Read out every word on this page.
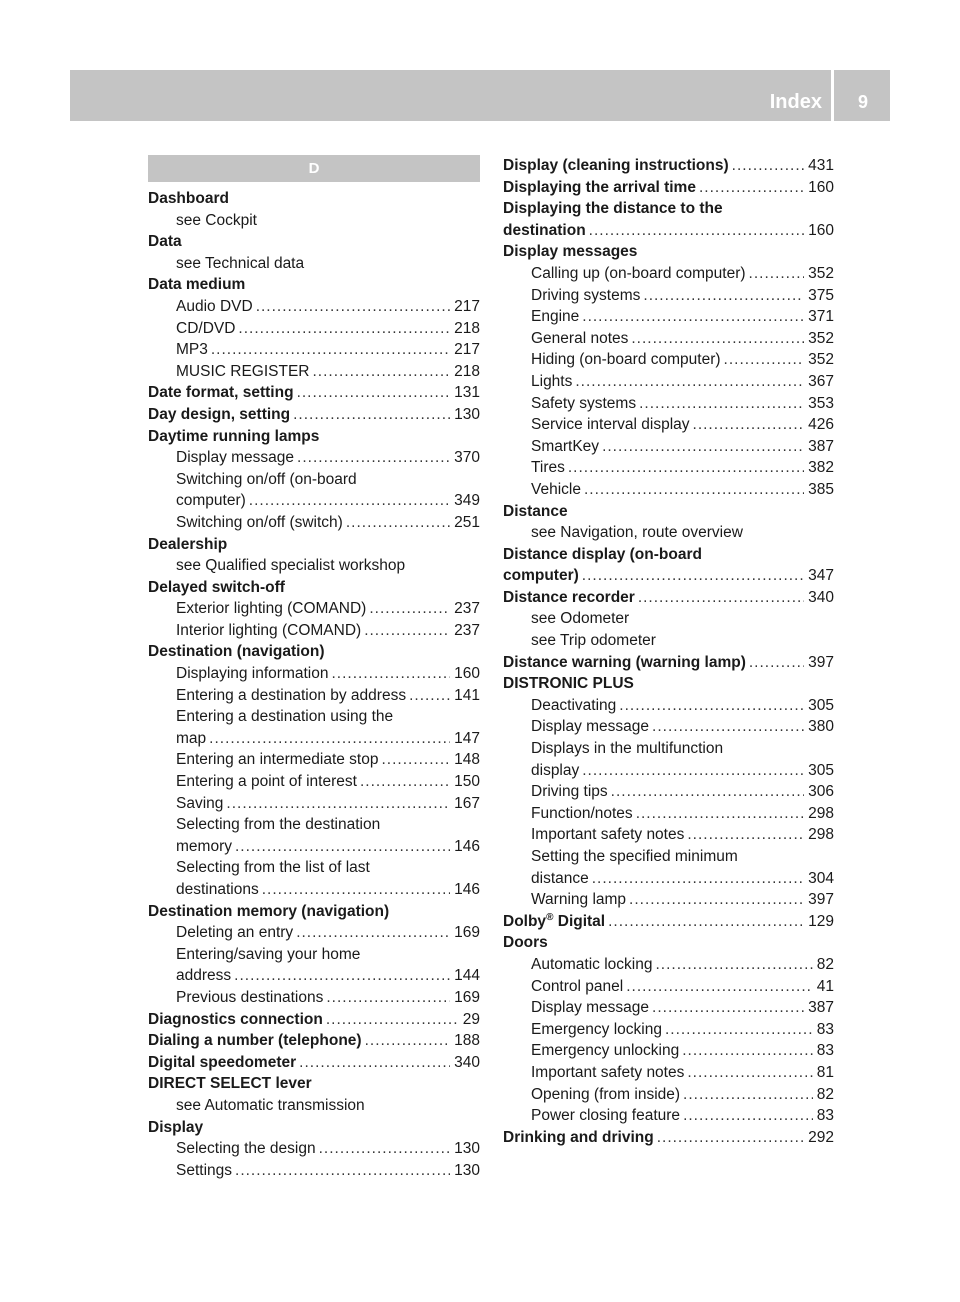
Index 9
D
Dashboard
see Cockpit
Data
see Technical data
Data medium
Audio DVD .....	217
CD/DVD .....	218
MP3 .....	217
MUSIC REGISTER .....	218
Date format, setting .....	131
Day design, setting .....	130
Daytime running lamps
Display message .....	370
Switching on/off (on-board
computer) .....	349
Switching on/off (switch) .....	251
Dealership
see Qualified specialist workshop
Delayed switch-off
Exterior lighting (COMAND) .....	237
Interior lighting (COMAND) .....	237
Destination (navigation)
Displaying information .....	160
Entering a destination by address .....	141
Entering a destination using the
map .....	147
Entering an intermediate stop .....	148
Entering a point of interest .....	150
Saving .....	167
Selecting from the destination
memory .....	146
Selecting from the list of last
destinations .....	146
Destination memory (navigation)
Deleting an entry .....	169
Entering/saving your home
address .....	144
Previous destinations .....	169
Diagnostics connection .....	29
Dialing a number (telephone) .....	188
Digital speedometer .....	340
DIRECT SELECT lever
see Automatic transmission
Display
Selecting the design .....	130
Settings .....	130
Display (cleaning instructions) .....	431
Displaying the arrival time .....	160
Displaying the distance to the
destination .....	160
Display messages
Calling up (on-board computer) .....	352
Driving systems .....	375
Engine .....	371
General notes .....	352
Hiding (on-board computer) .....	352
Lights .....	367
Safety systems .....	353
Service interval display .....	426
SmartKey .....	387
Tires .....	382
Vehicle .....	385
Distance
see Navigation, route overview
Distance display (on-board
computer) .....	347
Distance recorder .....	340
see Odometer
see Trip odometer
Distance warning (warning lamp) .....	397
DISTRONIC PLUS
Deactivating .....	305
Display message .....	380
Displays in the multifunction
display .....	305
Driving tips .....	306
Function/notes .....	298
Important safety notes .....	298
Setting the specified minimum
distance .....	304
Warning lamp .....	397
Dolby® Digital .....	129
Doors
Automatic locking .....	82
Control panel .....	41
Display message .....	387
Emergency locking .....	83
Emergency unlocking .....	83
Important safety notes .....	81
Opening (from inside) .....	82
Power closing feature .....	83
Drinking and driving .....	292
